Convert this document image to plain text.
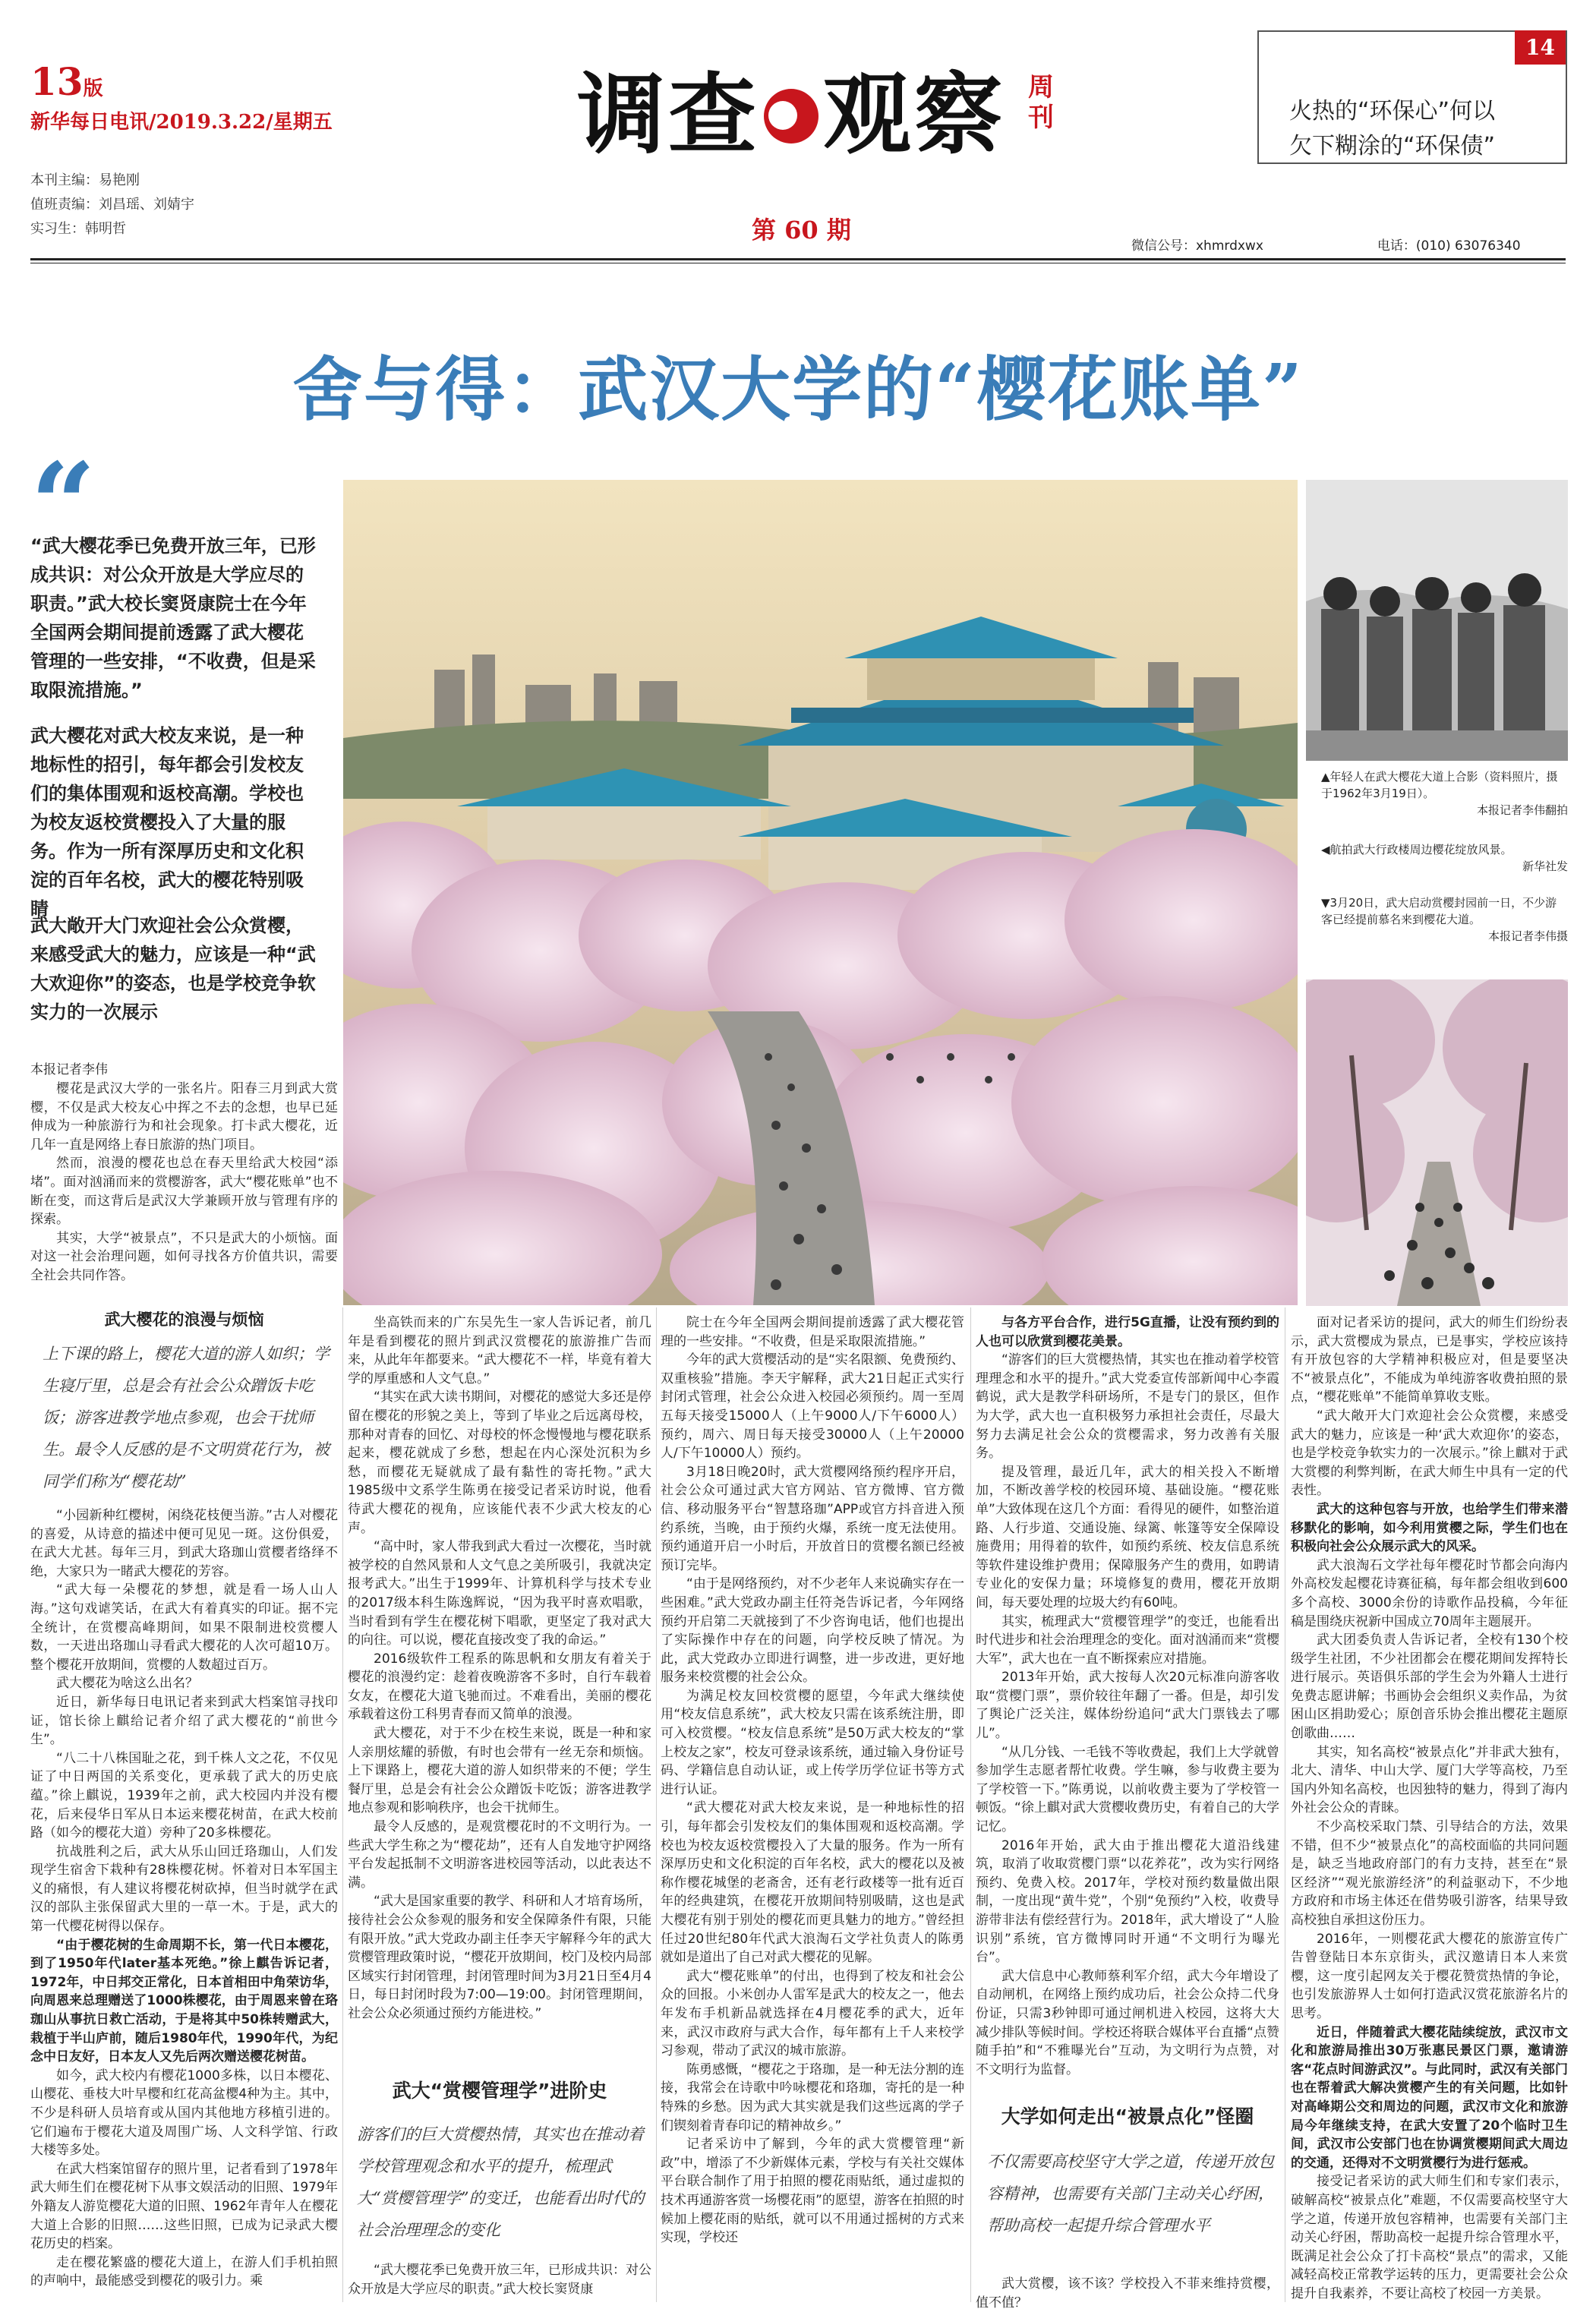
13版
新华每日电讯/2019.3.22/星期五	调查 观察 周刊
14
火热的“环保心”何以
欠下糊涂的“环保债”
本刊主编：易艳刚
值班责编：刘昌瑶、刘婧宇
实习生：韩明哲	第 60 期
微信公号：xhmrdxwx	电话：(010) 63076340
舍与得：武汉大学的“樱花账单”
“
“武大樱花季已免费开放三年，已形成共识：对公众开放是大学应尽的职责。”武大校长窦贤康院士在今年全国两会期间提前透露了武大樱花管理的一些安排，“不收费，但是采取限流措施。”
武大樱花对武大校友来说，是一种地标性的招引，每年都会引发校友们的集体围观和返校高潮。学校也为校友返校赏樱投入了大量的服务。作为一所有深厚历史和文化积淀的百年名校，武大的樱花特别吸睛
武大敞开大门欢迎社会公众赏樱，来感受武大的魅力，应该是一种“武大欢迎你”的姿态，也是学校竞争软实力的一次展示
本报记者李伟

樱花是武汉大学的一张名片。阳春三月到武大赏樱，不仅是武大校友心中挥之不去的念想，也早已延伸成为一种旅游行为和社会现象。打卡武大樱花，近几年一直是网络上春日旅游的热门项目。

然而，浪漫的樱花也总在春天里给武大校园“添堵”。面对汹涌而来的赏樱游客，武大“樱花账单”也不断在变，而这背后是武汉大学兼顾开放与管理有序的探索。

其实，大学“被景点”，不只是武大的小烦恼。面对这一社会治理问题，如何寻找各方价值共识，需要全社会共同作答。

▲年轻人在武大樱花大道上合影（资料照片，摄于1962年3月19日）。
本报记者李伟翻拍
◀航拍武大行政楼周边樱花绽放风景。
新华社发
▼3月20日，武大启动赏樱封园前一日，不少游客已经提前慕名来到樱花大道。
本报记者李伟摄
武大樱花的浪漫与烦恼
上下课的路上，樱花大道的游人如织；学生寝厅里，总是会有社会公众蹭饭卡吃饭；游客进教学地点参观，也会干扰师生。最令人反感的是不文明赏花行为，被同学们称为“樱花劫”

“小园新种红樱树，闲绕花枝便当游。”古人对樱花的喜爱，从诗意的描述中便可见见一斑。这份俱爱，在武大尤甚。每年三月，到武大珞珈山赏樱者络绎不绝，大家只为一睹武大樱花的芳容。

“武大每一朵樱花的梦想，就是看一场人山人海。”这句戏谑笑话，在武大有着真实的印证。据不完全统计，在赏樱高峰期间，如果不限制进校赏樱人数，一天进出珞珈山寻看武大樱花的人次可超10万。整个樱花开放期间，赏樱的人数超过百万。

武大樱花为啥这么出名？

近日，新华每日电讯记者来到武大档案馆寻找印证，馆长徐上麒给记者介绍了武大樱花的“前世今生”。

“八二十八株国耻之花，到千株人文之花，不仅见证了中日两国的关系变化，更承载了武大的历史底蕴。”徐上麒说，1939年之前，武大校园内并没有樱花，后来侵华日军从日本运来樱花树苗，在武大校前路（如今的樱花大道）旁种了20多株樱花。

抗战胜利之后，武大从乐山回迁珞珈山，人们发现学生宿舍下栽种有28株樱花树。怀着对日本军国主义的痛恨，有人建议将樱花树砍掉，但当时就学在武汉的部队主张保留武大里的一草一木。于是，武大的第一代樱花树得以保存。

“由于樱花树的生命周期不长，第一代日本樱花，到了1950年代later基本死绝。”徐上麒告诉记者，1972年，中日邦交正常化，日本首相田中角荣访华，向周恩来总理赠送了1000株樱花，由于周恩来曾在珞珈山从事抗日救亡活动，于是将其中50株转赠武大，栽植于半山庐前，随后1980年代，1990年代，为纪念中日友好，日本友人又先后两次赠送樱花树苗。

如今，武大校内有樱花1000多株，以日本樱花、山樱花、垂枝大叶早樱和红花高盆樱4种为主。其中，不少是科研人员培育或从国内其他地方移植引进的。它们遍布于樱花大道及周围广场、人文科学馆、行政大楼等多处。

在武大档案馆留存的照片里，记者看到了1978年武大师生们在樱花树下从事文娱活动的旧照、1979年外籍友人游览樱花大道的旧照、1962年青年人在樱花大道上合影的旧照……这些旧照，已成为记录武大樱花历史的档案。

走在樱花繁盛的樱花大道上，在游人们手机拍照的声响中，最能感受到樱花的吸引力。乘

坐高铁而来的广东吴先生一家人告诉记者，前几年是看到樱花的照片到武汉赏樱花的旅游推广告而来，从此年年都要来。“武大樱花不一样，毕竟有着大学的厚重感和人文气息。”

“其实在武大读书期间，对樱花的感觉大多还是停留在樱花的形貌之美上，等到了毕业之后远离母校，那种对青春的回忆、对母校的怀念慢慢地与樱花联系起来，樱花就成了乡愁，想起在内心深处沉积为乡愁，而樱花无疑就成了最有黏性的寄托物。”武大1985级中文系学生陈勇在接受记者采访时说，他看待武大樱花的视角，应该能代表不少武大校友的心声。

“高中时，家人带我到武大看过一次樱花，当时就被学校的自然风景和人文气息之美所吸引，我就决定报考武大。”出生于1999年、计算机科学与技术专业的2017级本科生陈逸辉说，“因为我平时喜欢唱歌，当时看到有学生在樱花树下唱歌，更坚定了我对武大的向往。可以说，樱花直接改变了我的命运。”

2016级软件工程系的陈思帆和女朋友有着关于樱花的浪漫约定：趁着夜晚游客不多时，自行车载着女友，在樱花大道飞驰而过。不难看出，美丽的樱花承载着这份工科男青春而又简单的浪漫。

武大樱花，对于不少在校生来说，既是一种和家人亲朋炫耀的骄傲，有时也会带有一丝无奈和烦恼。上下课路上，樱花大道的游人如织带来的不便；学生餐厅里，总是会有社会公众蹭饭卡吃饭；游客进教学地点参观和影响秩序，也会干扰师生。

最令人反感的，是观赏樱花时的不文明行为。一些武大学生称之为“樱花劫”，还有人自发地守护网络平台发起抵制不文明游客进校园等活动，以此表达不满。

“武大是国家重要的教学、科研和人才培育场所，接待社会公众参观的服务和安全保障条件有限，只能有限开放。”武大党政办副主任李天宇解释今年的武大赏樱管理政策时说，“樱花开放期间，校门及校内局部区域实行封闭管理，封闭管理时间为3月21日至4月4日，每日封闭时段为7:00—19:00。封闭管理期间，社会公众必须通过预约方能进校。”

武大“赏樱管理学”进阶史
游客们的巨大赏樱热情，其实也在推动着学校管理观念和水平的提升，梳理武大“赏樱管理学”的变迁，也能看出时代的社会治理理念的变化

“武大樱花季已免费开放三年，已形成共识：对公众开放是大学应尽的职责。”武大校长窦贤康

院士在今年全国两会期间提前透露了武大樱花管理的一些安排。“不收费，但是采取限流措施。”

今年的武大赏樱活动的是“实名限额、免费预约、双重核验”措施。李天宇解释，武大21日起正式实行封闭式管理，社会公众进入校园必须预约。周一至周五每天接受15000人（上午9000人/下午6000人）预约，周六、周日每天接受30000人（上午20000人/下午10000人）预约。

3月18日晚20时，武大赏樱网络预约程序开启，社会公众可通过武大官方网站、官方微博、官方微信、移动服务平台“智慧珞珈”APP或官方抖音进入预约系统，当晚，由于预约火爆，系统一度无法使用。预约通道开启一小时后，开放首日的赏樱名额已经被预订完毕。

“由于是网络预约，对不少老年人来说确实存在一些困难。”武大党政办副主任符尧告诉记者，今年网络预约开启第二天就接到了不少咨询电话，他们也提出了实际操作中存在的问题，向学校反映了情况。为此，武大党政办立即进行调整，进一步改进，更好地服务来校赏樱的社会公众。

为满足校友回校赏樱的愿望，今年武大继续使用“校友信息系统”，武大校友只需在该系统注册，即可入校赏樱。“校友信息系统”是50万武大校友的“掌上校友之家”，校友可登录该系统，通过输入身份证号码、学籍信息自动认证，或上传学历学位证书等方式进行认证。

“武大樱花对武大校友来说，是一种地标性的招引，每年都会引发校友们的集体围观和返校高潮。学校也为校友返校赏樱投入了大量的服务。作为一所有深厚历史和文化积淀的百年名校，武大的樱花以及被称作樱花城堡的老斋舍，还有老行政楼等一批有近百年的经典建筑，在樱花开放期间特别吸睛，这也是武大樱花有别于别处的樱花而更具魅力的地方。”曾经担任过20世纪80年代武大浪淘石文学社负责人的陈勇就如是道出了自己对武大樱花的见解。

武大“樱花账单”的付出，也得到了校友和社会公众的回报。小米创办人雷军是武大的校友之一，他去年发布手机新品就选择在4月樱花季的武大，近年来，武汉市政府与武大合作，每年都有上千人来校学习参观，带动了武汉的城市旅游。

陈勇感慨，“樱花之于珞珈，是一种无法分割的连接，我常会在诗歌中吟咏樱花和珞珈，寄托的是一种特殊的乡愁。因为武大其实就是我们这些远离的学子们锲刻着青春印记的精神故乡。”

记者采访中了解到，今年的武大赏樱管理“新政”中，增添了不少新媒体元素，学校与有关社交媒体平台联合制作了用于拍照的樱花雨贴纸，通过虚拟的技术再通游客赏一场樱花雨”的愿望，游客在拍照的时候加上樱花雨的贴纸，就可以不用通过摇树的方式来实现，学校还

与各方平台合作，进行5G直播，让没有预约到的人也可以欣赏到樱花美景。

“游客们的巨大赏樱热情，其实也在推动着学校管理理念和水平的提升。”武大党委宣传部新闻中心李霞鹤说，武大是教学科研场所，不是专门的景区，但作为大学，武大也一直积极努力承担社会责任，尽最大努力去满足社会公众的赏樱需求，努力改善有关服务。

提及管理，最近几年，武大的相关投入不断增加，不断改善学校的校园环境、基础设施。“樱花账单”大致体现在这几个方面：看得见的硬件，如整治道路、人行步道、交通设施、绿篱、帐篷等安全保障设施费用；用得着的软件，如预约系统、校友信息系统等软件建设维护费用；保障服务产生的费用，如聘请专业化的安保力量；环境修复的费用，樱花开放期间，每天要处理的垃圾大约有60吨。

其实，梳理武大“赏樱管理学”的变迁，也能看出时代进步和社会治理理念的变化。面对汹涌而来“赏樱大军”，武大也在一直不断探索应对措施。

2013年开始，武大按每人次20元标准向游客收取“赏樱门票”，票价较往年翻了一番。但是，却引发了舆论广泛关注，媒体纷纷追问“武大门票钱去了哪儿”。

“从几分钱、一毛钱不等收费起，我们上大学就曾参加学生志愿者帮忙收费。学生嘛，参与收费主要为了学校管一下。”陈勇说，以前收费主要为了学校管一顿饭。“徐上麒对武大赏樱收费历史，有着自己的大学记忆。

2016年开始，武大由于推出樱花大道沿线建筑，取消了收取赏樱门票“以花养花”，改为实行网络预约、免费入校。2017年，学校对预约数量做出限制，一度出现“黄牛党”，个别“免预约”入校，收费导游带非法有偿经营行为。2018年，武大增设了“人脸识别”系统，官方微博同时开通“不文明行为曝光台”。

武大信息中心教师蔡利军介绍，武大今年增设了自动闸机，在网络上预约成功后，社会公众持二代身份证，只需3秒钟即可通过闸机进入校园，这将大大减少排队等候时间。学校还将联合媒体平台直播“点赞随手拍”和“不雅曝光台”互动，为文明行为点赞，对不文明行为监督。

大学如何走出“被景点化”怪圈
不仅需要高校坚守大学之道，传递开放包容精神，也需要有关部门主动关心纾困，帮助高校一起提升综合管理水平

武大赏樱，该不该？学校投入不菲来维持赏樱，值不值？

面对记者采访的提问，武大的师生们纷纷表示，武大赏樱成为景点，已是事实，学校应该持有开放包容的大学精神积极应对，但是要坚决不“被景点化”，不能成为单纯游客收费拍照的景点，“樱花账单”不能简单算收支账。

“武大敞开大门欢迎社会公众赏樱，来感受武大的魅力，应该是一种‘武大欢迎你’的姿态，也是学校竞争软实力的一次展示。”徐上麒对于武大赏樱的利弊判断，在武大师生中具有一定的代表性。

武大的这种包容与开放，也给学生们带来潜移默化的影响，如今利用赏樱之际，学生们也在积极向社会公众展示武大的风采。

武大浪淘石文学社每年樱花时节都会向海内外高校发起樱花诗赛征稿，每年都会组收到600多个高校、3000余份的诗歌作品投稿，今年征稿是围绕庆祝新中国成立70周年主题展开。

武大团委负责人告诉记者，全校有130个校级学生社团，不少社团都会在樱花期间发挥特长进行展示。英语俱乐部的学生会为外籍人士进行免费志愿讲解；书画协会会组织义卖作品，为贫困山区捐助爱心；原创音乐协会推出樱花主题原创歌曲……

其实，知名高校“被景点化”并非武大独有，北大、清华、中山大学、厦门大学等高校，乃至国内外知名高校，也因独特的魅力，得到了海内外社会公众的青睐。

不少高校采取门禁、引导结合的方法，效果不错，但不少“被景点化”的高校面临的共同问题是，缺乏当地政府部门的有力支持，甚至在“景区经济”“观光旅游经济”的利益驱动下，不少地方政府和市场主体还在借势吸引游客，结果导致高校独自承担这份压力。

2016年，一则樱花武大樱花的旅游宣传广告曾登陆日本东京街头，武汉邀请日本人来赏樱，这一度引起网友关于樱花赞赏热情的争论，也引发旅游界人士如何打造武汉赏花旅游名片的思考。

近日，伴随着武大樱花陆续绽放，武汉市文化和旅游局推出30万张惠民景区门票，邀请游客“花点时间游武汉”。与此同时，武汉有关部门也在帮着武大解决赏樱产生的有关问题，比如针对高峰期公交和周边的问题，武汉市文化和旅游局今年继续支持，在武大安置了20个临时卫生间，武汉市公安部门也在协调赏樱期间武大周边的交通，还得对不文明赏樱行为进行惩戒。

接受记者采访的武大师生们和专家们表示，破解高校“被景点化”难题，不仅需要高校坚守大学之道，传递开放包容精神，也需要有关部门主动关心纾困，帮助高校一起提升综合管理水平，既满足社会公众了打卡高校“景点”的需求，又能减轻高校正常教学运转的压力，更需要社会公众提升自我素养，不要让高校了校园一方美景。
